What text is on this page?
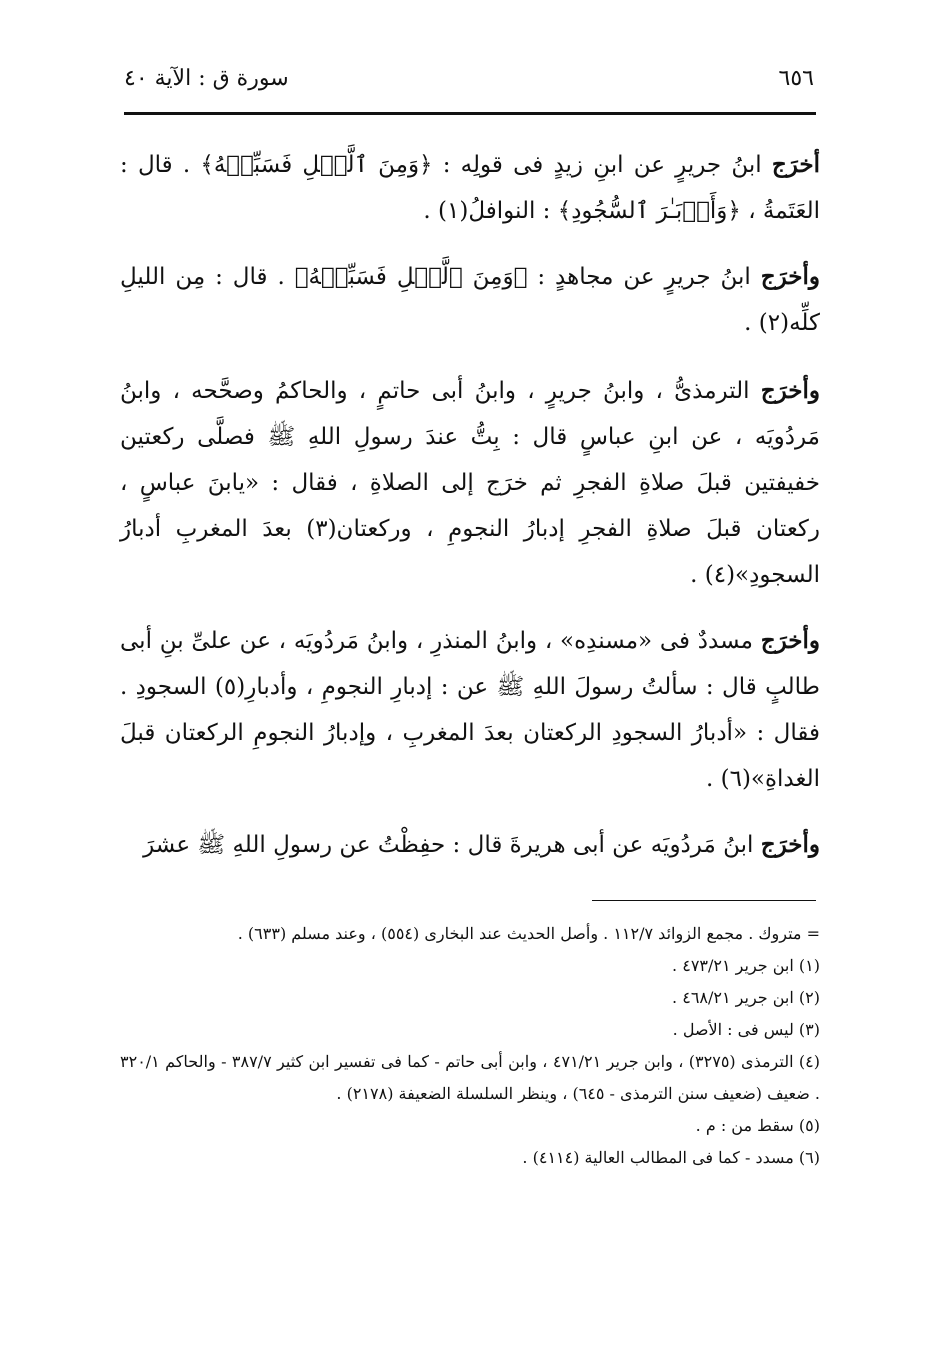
٦٥٦
سورة ق : الآية ٤٠

أخرَج ابنُ جريرٍ عن ابنِ زيدٍ فى قولِه : ﴿وَمِنَ ٱلَّيۡلِ فَسَبِّحۡهُ﴾ . قال : العَتَمةُ ، ﴿وَأَدۡبَـٰرَ ٱلسُّجُودِ﴾ : النوافلُ(١) .

وأخرَج ابنُ جريرٍ عن مجاهدٍ : ﴿وَمِنَ ٱلَّيۡلِ فَسَبِّحۡهُ﴾ . قال : مِن الليلِ كلِّه(٢) .

وأخرَج الترمذىُّ ، وابنُ جريرٍ ، وابنُ أبى حاتمٍ ، والحاكمُ وصحَّحه ، وابنُ مَردُويَه ، عن ابنِ عباسٍ قال : بِتُّ عندَ رسولِ اللهِ ﷺ فصلَّى ركعتين خفيفتين قبلَ صلاةِ الفجرِ ثم خرَج إلى الصلاةِ ، فقال : «يابنَ عباسٍ ، ركعتان قبلَ صلاةِ الفجرِ إدبارُ النجومِ ، وركعتان(٣) بعدَ المغربِ أدبارُ السجودِ»(٤) .

وأخرَج مسددٌ فى «مسندِه» ، وابنُ المنذرِ ، وابنُ مَردُويَه ، عن علىِّ بنِ أبى طالبٍ قال : سألتُ رسولَ اللهِ ﷺ عن : إدبارِ النجومِ ، وأدبارِ(٥) السجودِ . فقال : «أدبارُ السجودِ الركعتان بعدَ المغربِ ، وإدبارُ النجومِ الركعتان قبلَ الغداةِ»(٦) .

وأخرَج ابنُ مَردُويَه عن أبى هريرةَ قال : حفِظْتُ عن رسولِ اللهِ ﷺ عشرَ

= متروك . مجمع الزوائد ١١٢/٧ . وأصل الحديث عند البخارى (٥٥٤) ، وعند مسلم (٦٣٣) .
(١) ابن جرير ٤٧٣/٢١ .
(٢) ابن جرير ٤٦٨/٢١ .
(٣) ليس فى : الأصل .
(٤) الترمذى (٣٢٧٥) ، وابن جرير ٤٧١/٢١ ، وابن أبى حاتم - كما فى تفسير ابن كثير ٣٨٧/٧ - والحاكم ٣٢٠/١ . ضعيف (ضعيف سنن الترمذى - ٦٤٥) ، وينظر السلسلة الضعيفة (٢١٧٨) .
(٥) سقط من : م .
(٦) مسدد - كما فى المطالب العالية (٤١١٤) .
